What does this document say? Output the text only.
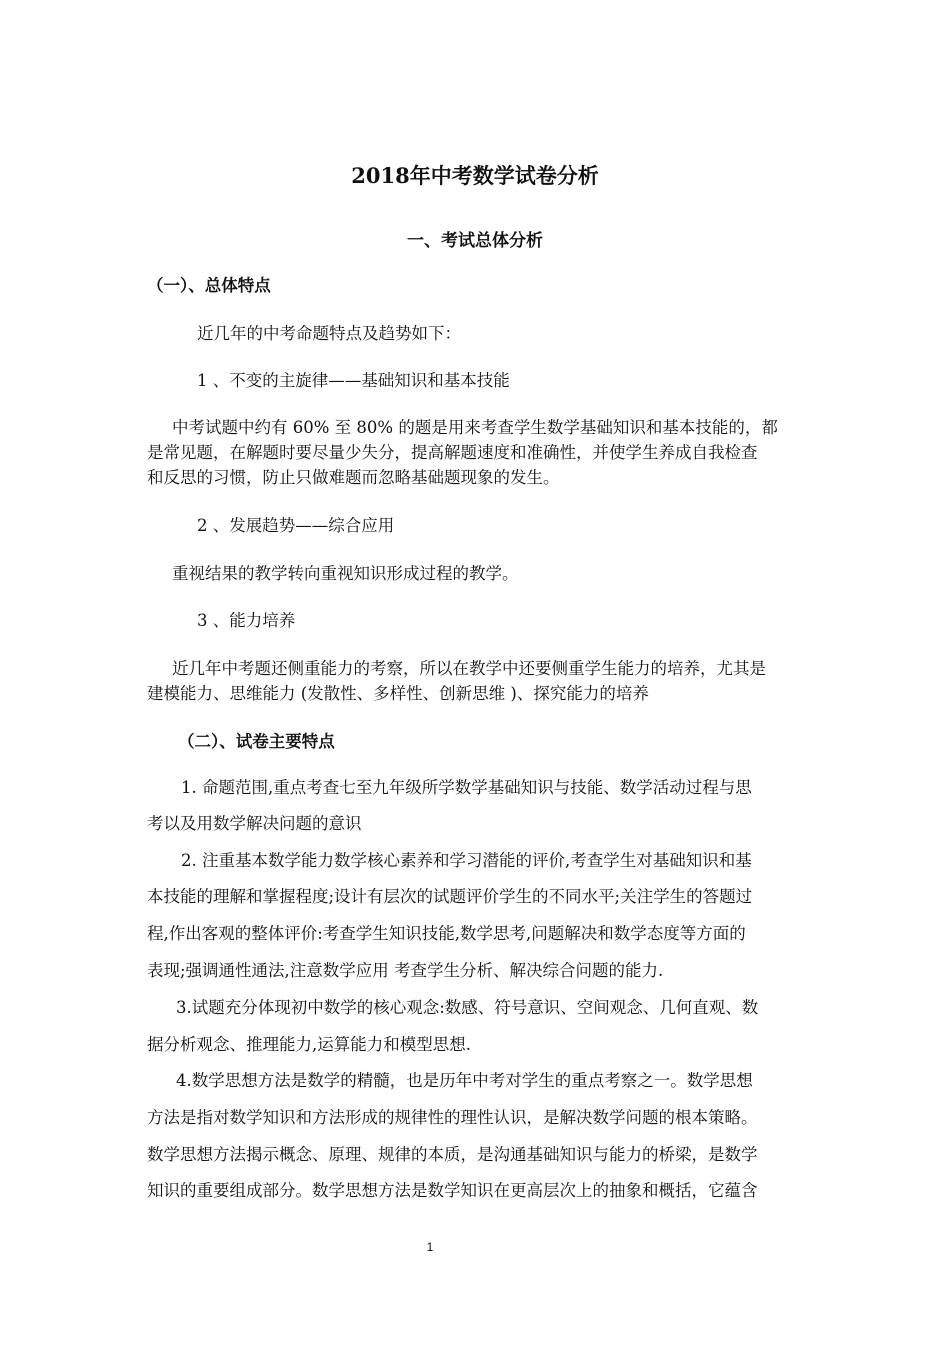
2018年中考数学试卷分析
一、考试总体分析
（一）、总体特点
近几年的中考命题特点及趋势如下：
1 、不变的主旋律——基础知识和基本技能
中考试题中约有 60% 至 80% 的题是用来考查学生数学基础知识和基本技能的，都
是常见题，在解题时要尽量少失分，提高解题速度和准确性，并使学生养成自我检查
和反思的习惯，防止只做难题而忽略基础题现象的发生。
2 、发展趋势——综合应用
重视结果的教学转向重视知识形成过程的教学。
3 、能力培养
近几年中考题还侧重能力的考察，所以在教学中还要侧重学生能力的培养，尤其是
建模能力、思维能力 (发散性、多样性、创新思维 )、探究能力的培养
（二）、试卷主要特点
1. 命题范围,重点考查七至九年级所学数学基础知识与技能、数学活动过程与思
考以及用数学解决问题的意识
2. 注重基本数学能力数学核心素养和学习潜能的评价,考查学生对基础知识和基
本技能的理解和掌握程度;设计有层次的试题评价学生的不同水平;关注学生的答题过
程,作出客观的整体评价:考查学生知识技能,数学思考,问题解决和数学态度等方面的
表现;强调通性通法,注意数学应用 考查学生分析、解决综合问题的能力.
3.试题充分体现初中数学的核心观念:数感、符号意识、空间观念、几何直观、数
据分析观念、推理能力,运算能力和模型思想.
4.数学思想方法是数学的精髓，也是历年中考对学生的重点考察之一。数学思想
方法是指对数学知识和方法形成的规律性的理性认识，是解决数学问题的根本策略。
数学思想方法揭示概念、原理、规律的本质，是沟通基础知识与能力的桥梁，是数学
知识的重要组成部分。数学思想方法是数学知识在更高层次上的抽象和概括，它蕴含
1
